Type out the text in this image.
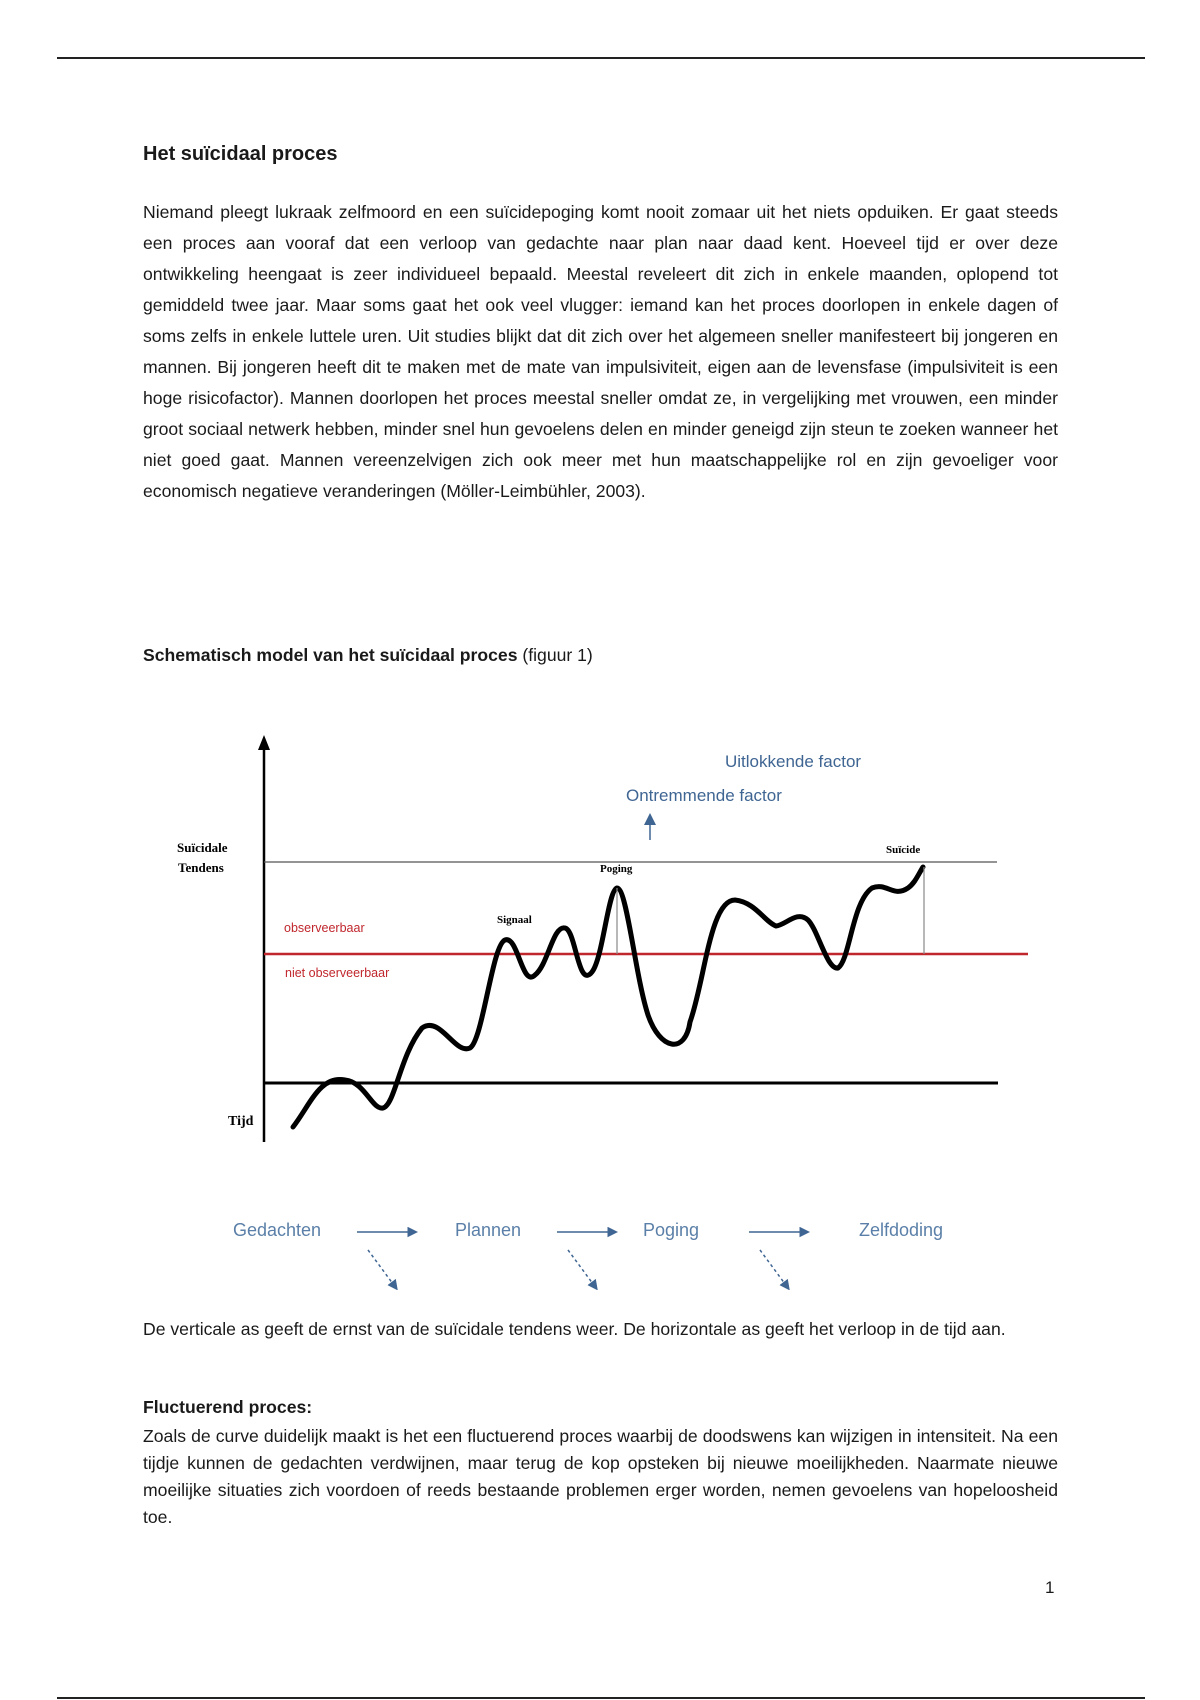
Het suïcidaal proces

Niemand pleegt lukraak zelfmoord en een suïcidepoging komt nooit zomaar uit het niets opduiken. Er gaat steeds een proces aan vooraf dat een verloop van gedachte naar plan naar daad kent. Hoeveel tijd er over deze ontwikkeling heengaat is zeer individueel bepaald. Meestal reveleert dit zich in enkele maanden, oplopend tot gemiddeld twee jaar. Maar soms gaat het ook veel vlugger: iemand kan het proces doorlopen in enkele dagen of soms zelfs in enkele luttele uren. Uit studies blijkt dat dit zich over het algemeen sneller manifesteert bij jongeren en mannen. Bij jongeren heeft dit te maken met de mate van impulsiviteit, eigen aan de levensfase (impulsiviteit is een hoge risicofactor). Mannen doorlopen het proces meestal sneller omdat ze, in vergelijking met vrouwen, een minder groot sociaal netwerk hebben, minder snel hun gevoelens delen en minder geneigd zijn steun te zoeken wanneer het niet goed gaat. Mannen vereenzelvigen zich ook meer met hun maatschappelijke rol en zijn gevoeliger voor economisch negatieve veranderingen (Möller-Leimbühler, 2003).

Schematisch model van het suïcidaal proces (figuur 1)
Uitlokkende factor
Ontremmende factor
Suïcidale
Tendens
observeerbaar
niet observeerbaar
Tijd
Signaal
Poging
Suïcide
Gedachten	Plannen	Poging	Zelfdoding

De verticale as geeft de ernst van de suïcidale tendens weer. De horizontale as geeft het verloop in de tijd aan.

Fluctuerend proces:

Zoals de curve duidelijk maakt is het een fluctuerend proces waarbij de doodswens kan wijzigen in intensiteit. Na een tijdje kunnen de gedachten verdwijnen, maar terug de kop opsteken bij nieuwe moeilijkheden. Naarmate nieuwe moeilijke situaties zich voordoen of reeds bestaande problemen erger worden, nemen gevoelens van hopeloosheid toe.

1
